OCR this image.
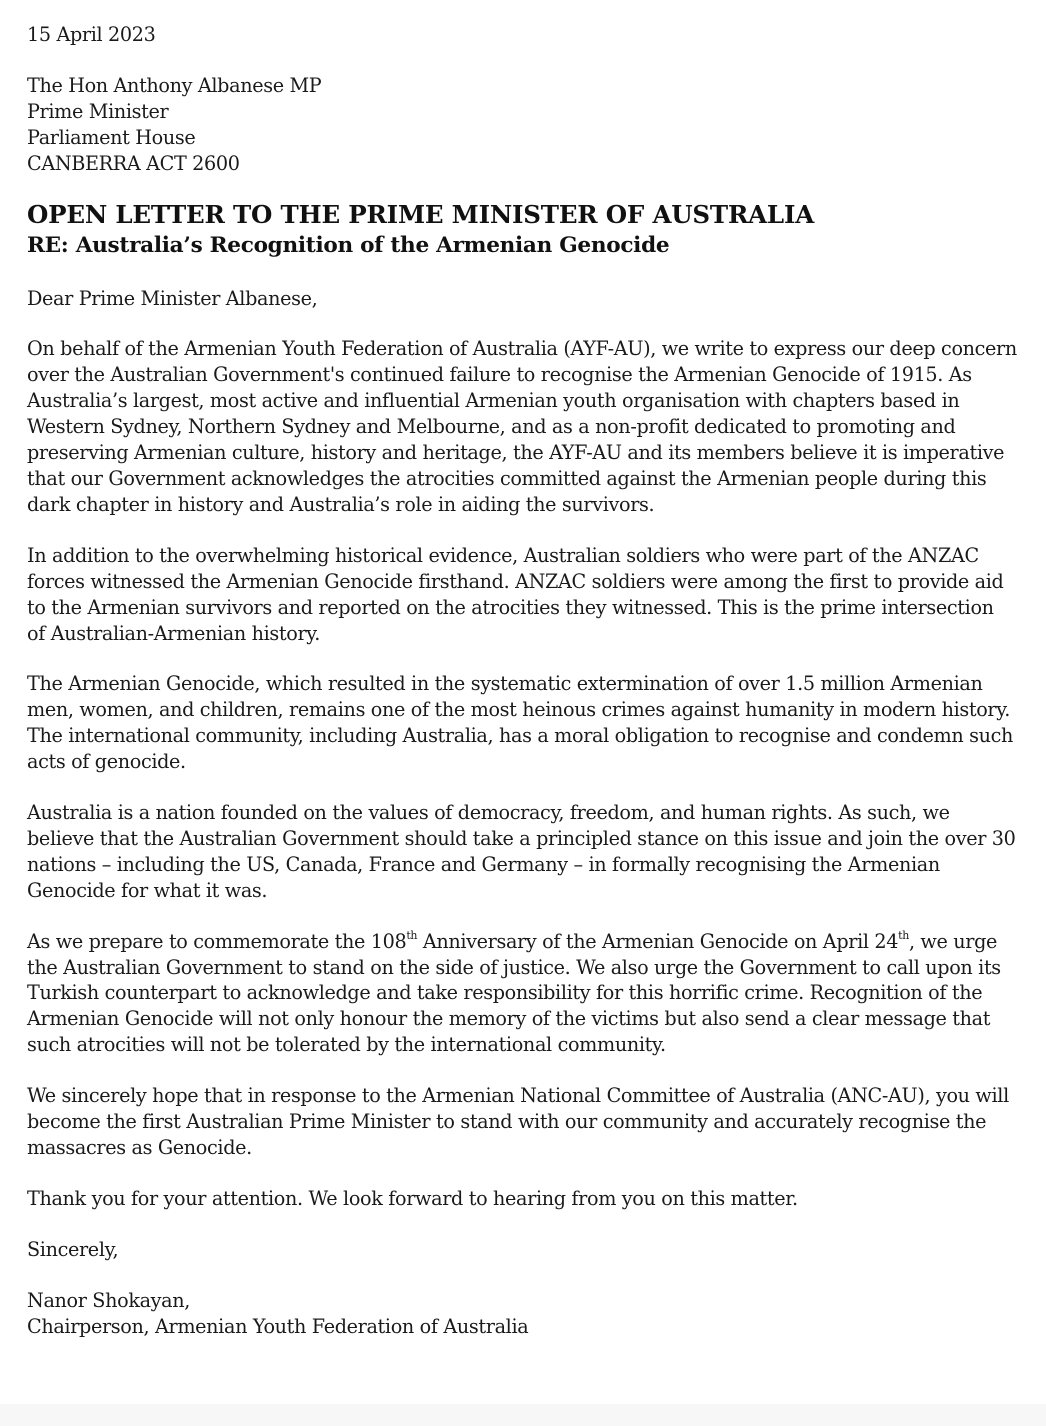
15 April 2023
The Hon Anthony Albanese MP
Prime Minister
Parliament House
CANBERRA ACT 2600
OPEN LETTER TO THE PRIME MINISTER OF AUSTRALIA
RE: Australia’s Recognition of the Armenian Genocide
Dear Prime Minister Albanese,

On behalf of the Armenian Youth Federation of Australia (AYF-AU), we write to express our deep concern over the Australian Government's continued failure to recognise the Armenian Genocide of 1915. As Australia’s largest, most active and influential Armenian youth organisation with chapters based in Western Sydney, Northern Sydney and Melbourne, and as a non-profit dedicated to promoting and preserving Armenian culture, history and heritage, the AYF-AU and its members believe it is imperative that our Government acknowledges the atrocities committed against the Armenian people during this dark chapter in history and Australia’s role in aiding the survivors.

In addition to the overwhelming historical evidence, Australian soldiers who were part of the ANZAC forces witnessed the Armenian Genocide firsthand. ANZAC soldiers were among the first to provide aid to the Armenian survivors and reported on the atrocities they witnessed. This is the prime intersection of Australian-Armenian history.

The Armenian Genocide, which resulted in the systematic extermination of over 1.5 million Armenian men, women, and children, remains one of the most heinous crimes against humanity in modern history. The international community, including Australia, has a moral obligation to recognise and condemn such acts of genocide.

Australia is a nation founded on the values of democracy, freedom, and human rights. As such, we believe that the Australian Government should take a principled stance on this issue and join the over 30 nations – including the US, Canada, France and Germany – in formally recognising the Armenian Genocide for what it was.

As we prepare to commemorate the 108th Anniversary of the Armenian Genocide on April 24th, we urge the Australian Government to stand on the side of justice. We also urge the Government to call upon its Turkish counterpart to acknowledge and take responsibility for this horrific crime. Recognition of the Armenian Genocide will not only honour the memory of the victims but also send a clear message that such atrocities will not be tolerated by the international community.

We sincerely hope that in response to the Armenian National Committee of Australia (ANC-AU), you will become the first Australian Prime Minister to stand with our community and accurately recognise the massacres as Genocide.

Thank you for your attention. We look forward to hearing from you on this matter.

Sincerely,
Nanor Shokayan,
Chairperson, Armenian Youth Federation of Australia
